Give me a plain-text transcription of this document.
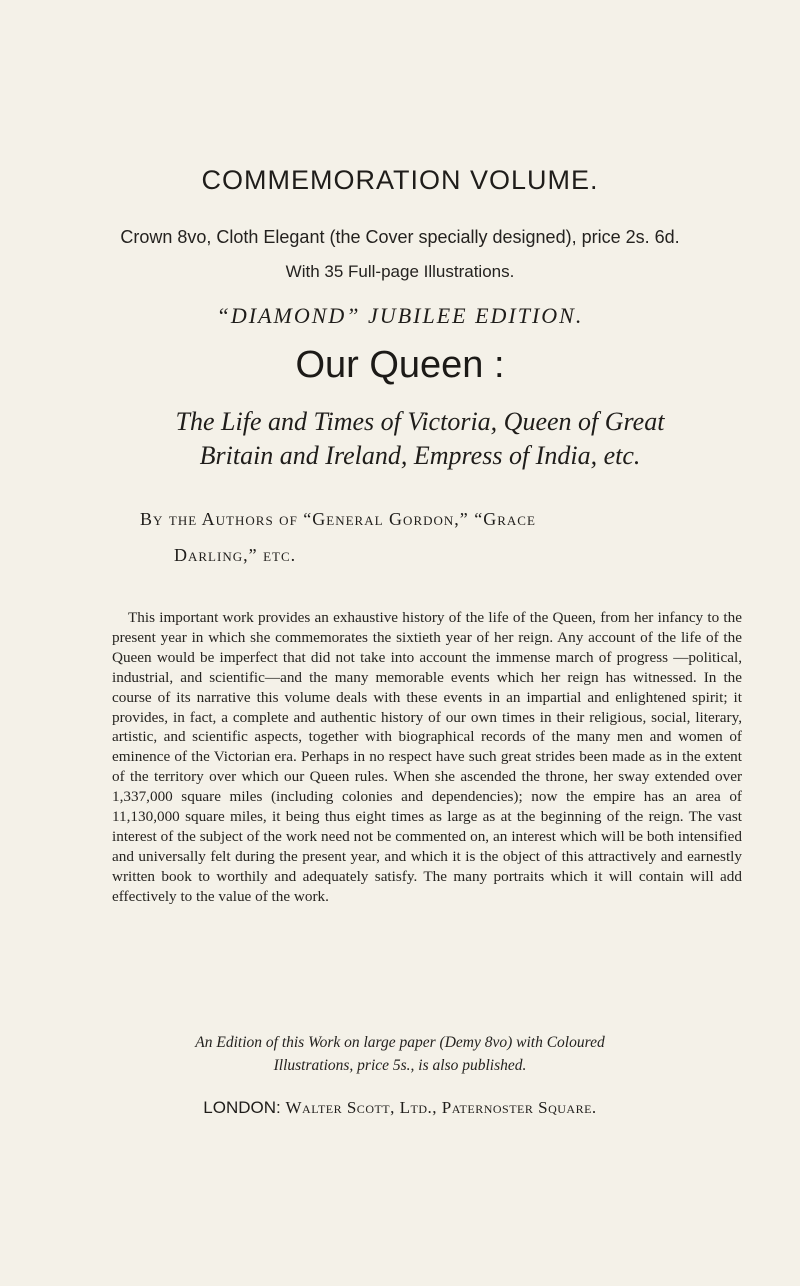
COMMEMORATION VOLUME.
Crown 8vo, Cloth Elegant (the Cover specially designed), price 2s. 6d.
With 35 Full-page Illustrations.
“DIAMOND” JUBILEE EDITION.
Our Queen :
The Life and Times of Victoria, Queen of Great
Britain and Ireland, Empress of India, etc.
By the Authors of “General Gordon,” “Grace
Darling,” etc.

This important work provides an exhaustive history of the life of the Queen, from her infancy to the present year in which she commemorates the sixtieth year of her reign. Any account of the life of the Queen would be imperfect that did not take into account the immense march of progress —political, industrial, and scientific—and the many memorable events which her reign has witnessed. In the course of its narrative this volume deals with these events in an impartial and enlightened spirit; it provides, in fact, a complete and authentic history of our own times in their religious, social, literary, artistic, and scientific aspects, together with biographical records of the many men and women of eminence of the Victorian era. Perhaps in no respect have such great strides been made as in the extent of the territory over which our Queen rules. When she ascended the throne, her sway extended over 1,337,000 square miles (including colonies and dependencies); now the empire has an area of 11,130,000 square miles, it being thus eight times as large as at the beginning of the reign. The vast interest of the subject of the work need not be commented on, an interest which will be both intensified and universally felt during the present year, and which it is the object of this attractively and earnestly written book to worthily and adequately satisfy. The many portraits which it will contain will add effectively to the value of the work.

An Edition of this Work on large paper (Demy 8vo) with Coloured
Illustrations, price 5s., is also published.
LONDON: Walter Scott, Ltd., Paternoster Square.
